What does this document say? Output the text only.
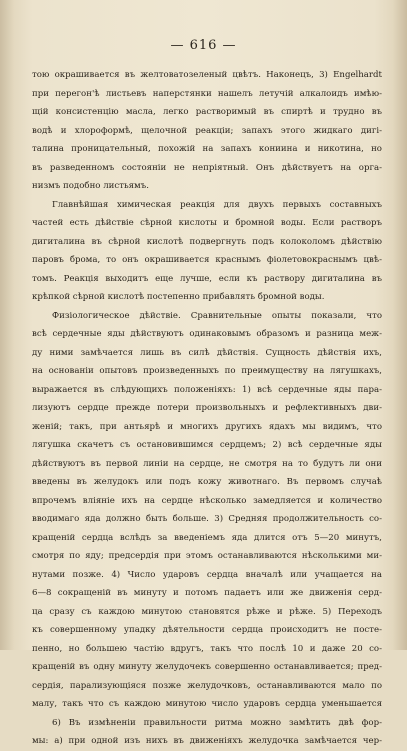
— 616 —
тою окрашивается въ желтоватозеленый цвѣтъ. Наконецъ, 3) Engelhardt
при перегон'ѣ листьевъ наперстянки нашелъ летучій алкалоидъ имѣю-
щій консистенцію масла, легко растворимый въ спиртѣ и трудно въ
водѣ и хлороформѣ, щелочной реакціи; запахъ этого жидкаго дигi-
талина проницательный, похожій на запахъ кониина и никотина, но
въ разведенномъ состояніи не непріятный. Онъ дѣйствуетъ на орга-
низмъ подобно листьямъ.
Главнѣйшая химическая реакція для двухъ первыхъ составныхъ
частей есть дѣйствіе сѣрной кислоты и бромной воды. Если растворъ
дигиталина въ сѣрной кислотѣ подвергнуть подъ колоколомъ дѣйствію
паровъ брома, то онъ окрашивается краснымъ фіолетовокраснымъ цвѣ-
томъ. Реакція выходитъ еще лучше, если къ раствору дигиталина въ
крѣпкой сѣрной кислотѣ постепенно прибавлять бромной воды.
Физіологическое дѣйствіе. Сравнительные опыты показали, что
всѣ сердечные яды дѣйствуютъ одинаковымъ образомъ и разница меж-
ду ними замѣчается лишь въ силѣ дѣйствія. Сущность дѣйствія ихъ,
на основаніи опытовъ произведенныхъ по преимуществу на лягушкахъ,
выражается въ слѣдующихъ положеніяхъ: 1) всѣ сердечные яды пара-
лизуютъ сердце прежде потери произвольныхъ и рефлективныхъ дви-
женій; такъ, при антьярѣ и многихъ другихъ ядахъ мы видимъ, что
лягушка скачетъ съ остановившимся сердцемъ; 2) всѣ сердечные яды
дѣйствуютъ въ первой линіи на сердце, не смотря на то будутъ ли они
введены въ желудокъ или подъ кожу животнаго. Въ первомъ случаѣ
впрочемъ вліяніе ихъ на сердце нѣсколько замедляется и количество
вводимаго яда должно быть больше. 3) Средняя продолжительность со-
кращеній сердца вслѣдъ за введеніемъ яда длится отъ 5—20 минутъ,
смотря по яду; предсердія при этомъ останавливаются нѣсколькими ми-
нутами позже. 4) Число ударовъ сердца вначалѣ или учащается на
6—8 сокращеній въ минуту и потомъ падаетъ или же движенія серд-
ца сразу съ каждою минутою становятся рѣже и рѣже. 5) Переходъ
къ совершенному упадку дѣятельности сердца происходитъ не посте-
пенно, но большею частію вдругъ, такъ что послѣ 10 и даже 20 со-
кращеній въ одну минуту желудочекъ совершенно останавливается; пред-
сердія, парализующіяся позже желудочковъ, останавливаются мало по
малу, такъ что съ каждою минутою число ударовъ сердца уменьшается
6) Въ измѣненіи правильности ритма можно замѣтить двѣ фор-
мы: а) при одной изъ нихъ въ движеніяхъ желудочка замѣчается чер-
